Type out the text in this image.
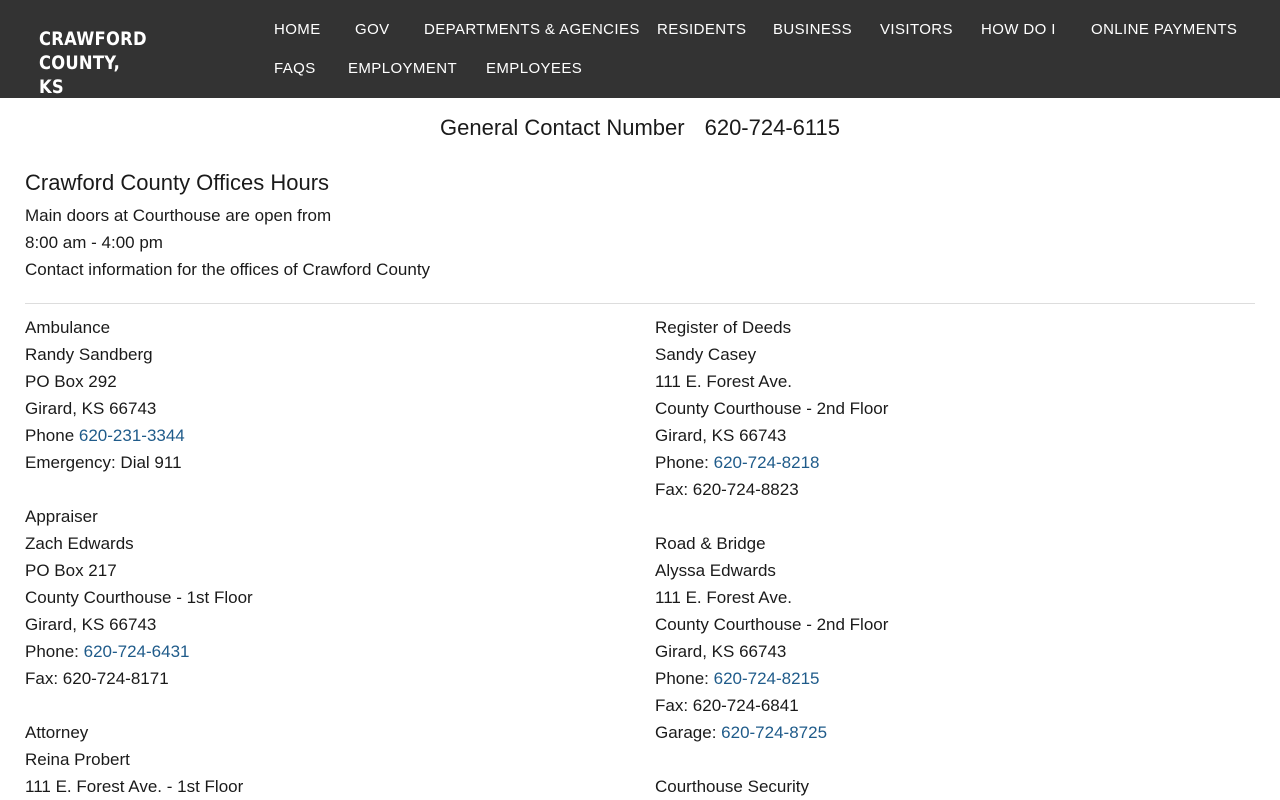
CRAWFORD COUNTY,
KS
HOME GOV DEPARTMENTS & AGENCIES RESIDENTS BUSINESS VISITORS HOW DO I ONLINE PAYMENTS
FAQS EMPLOYMENT EMPLOYEES
General Contact Number 620-724-6115
Crawford County Offices Hours
Main doors at Courthouse are open from
8:00 am - 4:00 pm
Contact information for the offices of Crawford County
Ambulance
Randy Sandberg
PO Box 292
Girard, KS 66743
Phone 620-231-3344
Emergency: Dial 911
Appraiser
Zach Edwards
PO Box 217
County Courthouse - 1st Floor
Girard, KS 66743
Phone: 620-724-6431
Fax: 620-724-8171
Attorney
Reina Probert
111 E. Forest Ave. - 1st Floor
Register of Deeds
Sandy Casey
111 E. Forest Ave.
County Courthouse - 2nd Floor
Girard, KS 66743
Phone: 620-724-8218
Fax: 620-724-8823
Road & Bridge
Alyssa Edwards
111 E. Forest Ave.
County Courthouse - 2nd Floor
Girard, KS 66743
Phone: 620-724-8215
Fax: 620-724-6841
Garage: 620-724-8725
Courthouse Security
